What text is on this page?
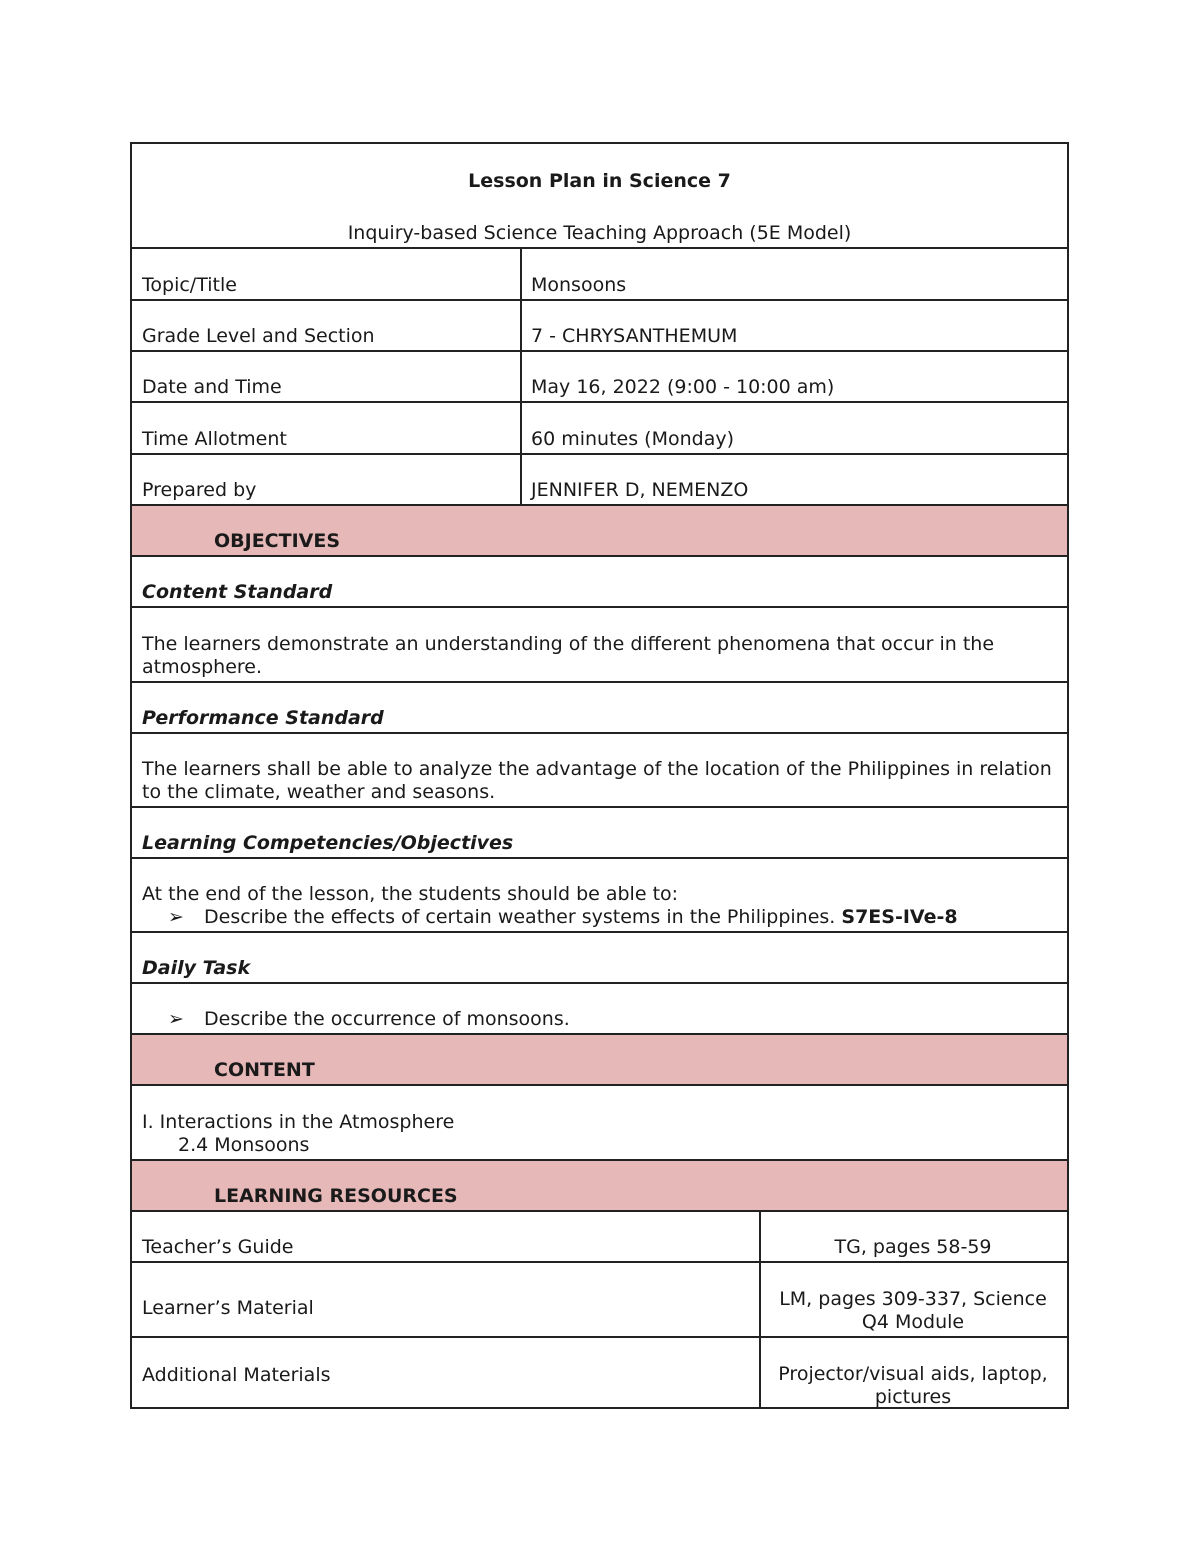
Lesson Plan in Science 7
Inquiry-based Science Teaching Approach (5E Model)
Topic/Title	Monsoons
Grade Level and Section	7 - CHRYSANTHEMUM
Date and Time	May 16, 2022 (9:00 - 10:00 am)
Time Allotment	60 minutes (Monday)
Prepared by	JENNIFER D, NEMENZO
OBJECTIVES
Content Standard
The learners demonstrate an understanding of the different phenomena that occur in the atmosphere.
Performance Standard
The learners shall be able to analyze the advantage of the location of the Philippines in relation to the climate, weather and seasons.
Learning Competencies/Objectives
At the end of the lesson, the students should be able to:
➢ Describe the effects of certain weather systems in the Philippines. S7ES-IVe-8
Daily Task
➢ Describe the occurrence of monsoons.
CONTENT
I. Interactions in the Atmosphere
2.4 Monsoons
LEARNING RESOURCES
Teacher’s Guide	TG, pages 58-59
Learner’s Material	LM, pages 309-337, Science
Q4 Module
Additional Materials	Projector/visual aids, laptop,
pictures
